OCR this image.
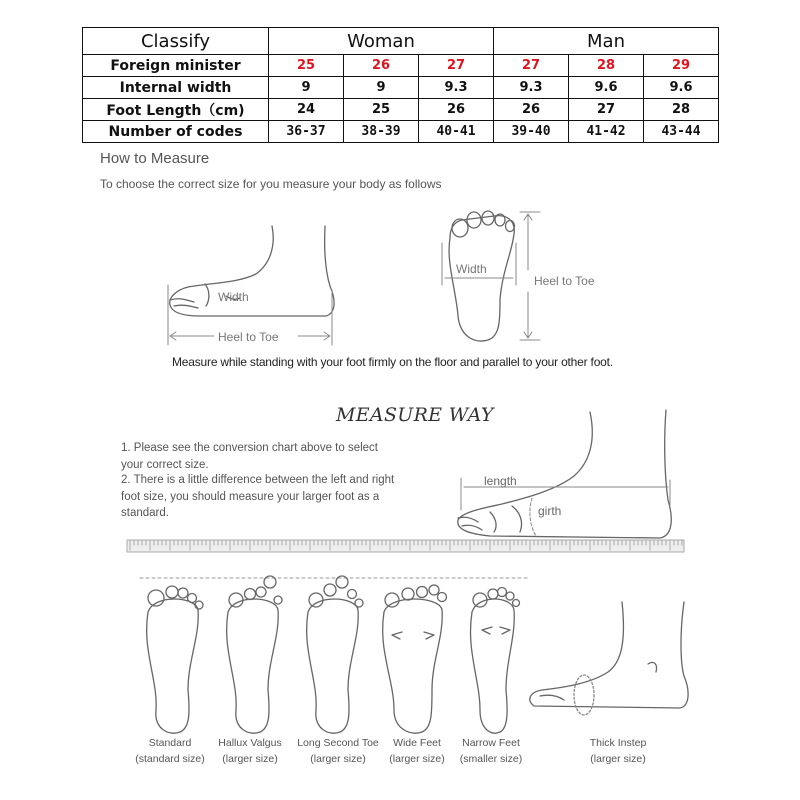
Classify	Woman			Man		
Foreign minister	25	26	27	27	28	29
Internal width	9	9	9.3	9.3	9.6	9.6
Foot Length（cm)	24	25	26	26	27	28
Number of codes	36-37	38-39	40-41	39-40	41-42	43-44
How to Measure
To choose the correct size for you measure your body as follows
Width
Heel to Toe
Width
Heel to Toe
Measure while standing with your foot firmly on the floor and parallel to your other foot.
MEASURE WAY
1. Please see the conversion chart above to select your correct size.
2. There is a little difference between the left and right foot size, you should measure your larger foot as a standard.
length
girth
Standard
(standard size)
Hallux Valgus
(larger size)
Long Second Toe
(larger size)
Wide Feet
(larger size)
Narrow Feet
(smaller size)
Thick Instep
(larger size)
